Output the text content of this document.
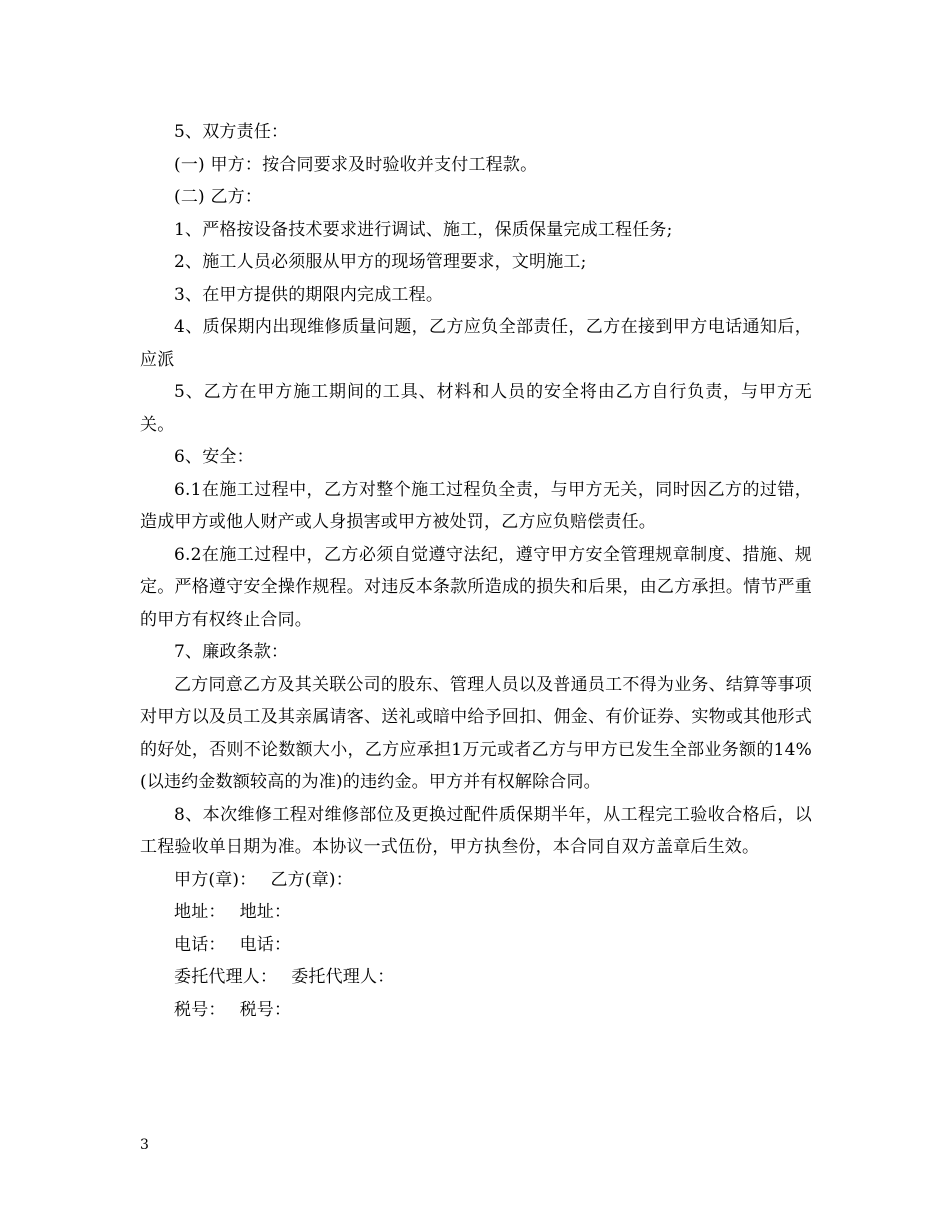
5、双方责任：

(一) 甲方：按合同要求及时验收并支付工程款。

(二) 乙方：

1、严格按设备技术要求进行调试、施工，保质保量完成工程任务;

2、施工人员必须服从甲方的现场管理要求，文明施工;

3、在甲方提供的期限内完成工程。

4、质保期内出现维修质量问题，乙方应负全部责任，乙方在接到甲方电话通知后，应派

5、乙方在甲方施工期间的工具、材料和人员的安全将由乙方自行负责，与甲方无关。

6、安全：

6.1在施工过程中，乙方对整个施工过程负全责，与甲方无关，同时因乙方的过错，造成甲方或他人财产或人身损害或甲方被处罚，乙方应负赔偿责任。

6.2在施工过程中，乙方必须自觉遵守法纪，遵守甲方安全管理规章制度、措施、规定。严格遵守安全操作规程。对违反本条款所造成的损失和后果，由乙方承担。情节严重的甲方有权终止合同。

7、廉政条款：

乙方同意乙方及其关联公司的股东、管理人员以及普通员工不得为业务、结算等事项对甲方以及员工及其亲属请客、送礼或暗中给予回扣、佣金、有价证券、实物或其他形式的好处，否则不论数额大小，乙方应承担1万元或者乙方与甲方已发生全部业务额的14%(以违约金数额较高的为准)的违约金。甲方并有权解除合同。

8、本次维修工程对维修部位及更换过配件质保期半年，从工程完工验收合格后，以工程验收单日期为准。本协议一式伍份，甲方执叁份，本合同自双方盖章后生效。

甲方(章)： 乙方(章)：

地址： 地址：

电话： 电话：

委托代理人： 委托代理人：

税号： 税号：

3
